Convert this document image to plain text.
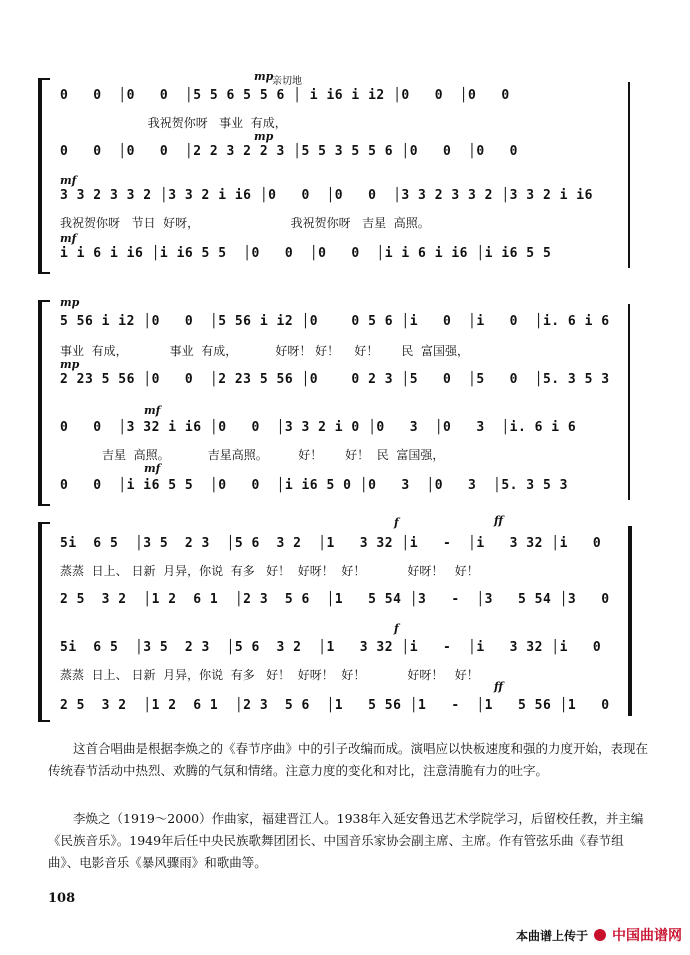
亲切地
mp
0   0  │0   0  │5 5 6 5 5 6 │ i i6 i i2 │0   0  │0   0
我祝贺你呀   事业  有成，
mp
0   0  │0   0  │2 2 3 2 2 3 │5 5 3 5 5 6 │0   0  │0   0
mf
3 3 2 3 3 2 │3 3 2 i i6 │0   0  │0   0  │3 3 2 3 3 2 │3 3 2 i i6
我祝贺你呀   节日  好呀，                        我祝贺你呀   吉星  高照。
mf
i i 6 i i6 │i i6 5 5  │0   0  │0   0  │i i 6 i i6 │i i6 5 5
mp
5 56 i i2 │0   0  │5 56 i i2 │0    0 5 6 │i   0  │i   0  │i. 6 i 6
事业  有成，           事业  有成，          好呀！ 好！    好！      民  富国强，
mp
2 23 5 56 │0   0  │2 23 5 56 │0    0 2 3 │5   0  │5   0  │5. 3 5 3
mf
0   0  │3 32 i i6 │0   0  │3 3 2 i 0 │0   3  │0   3  │i. 6 i 6
吉星  高照。          吉星高照。        好！      好！  民  富国强，
mf
0   0  │i i6 5 5  │0   0  │i i6 5 0 │0   3  │0   3  │5. 3 5 3
f
5i  6 5  │3 5  2 3  │5 6  3 2  │1   3 32 │i   -  │i   3 32 │i   0
蒸蒸  日上、 日新  月异，你说  有多   好！  好呀！  好！           好呀！   好！
ff
2 5  3 2  │1 2  6 1  │2 3  5 6  │1   5 54 │3   -  │3   5 54 │3   0
f
5i  6 5  │3 5  2 3  │5 6  3 2  │1   3 32 │i   -  │i   3 32 │i   0
蒸蒸  日上、 日新  月异，你说  有多   好！  好呀！  好！           好呀！   好！
ff
2 5  3 2  │1 2  6 1  │2 3  5 6  │1   5 56 │1   -  │1   5 56 │1   0
　　这首合唱曲是根据李焕之的《春节序曲》中的引子改编而成。演唱应以快板速度和强的力度开始，表现在传统春节活动中热烈、欢腾的气氛和情绪。注意力度的变化和对比，注意清脆有力的吐字。
　　李焕之（1919～2000）作曲家，福建晋江人。1938年入延安鲁迅艺术学院学习，后留校任教，并主编《民族音乐》。1949年后任中央民族歌舞团团长、中国音乐家协会副主席、主席。作有管弦乐曲《春节组曲》、电影音乐《暴风骤雨》和歌曲等。
108
本曲谱上传于 中国曲谱网
